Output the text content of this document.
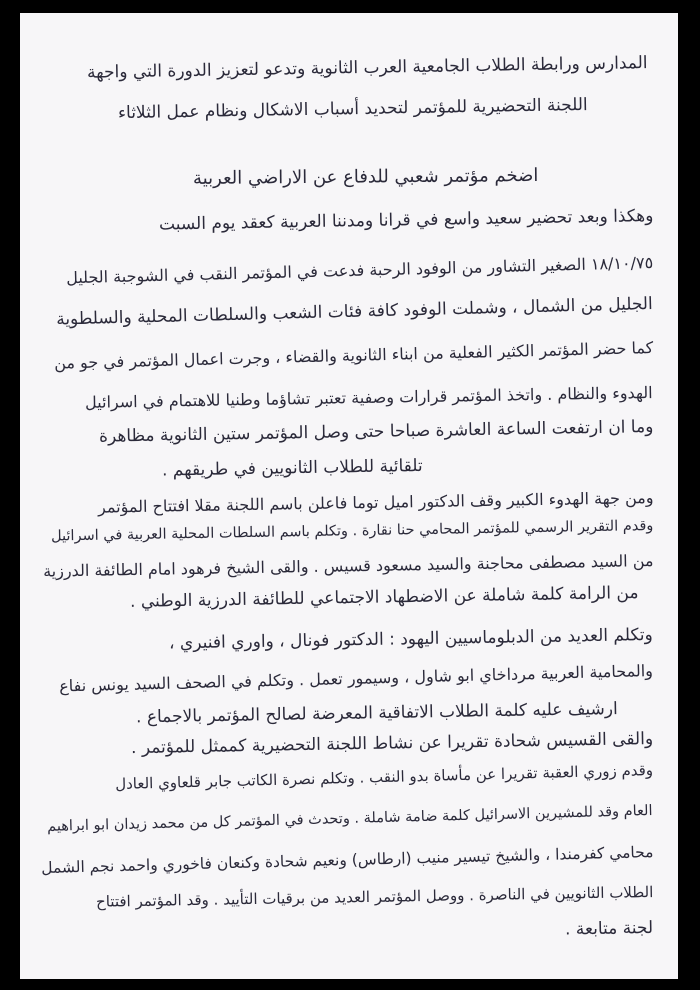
المدارس ورابطة الطلاب الجامعية العرب الثانوية وتدعو لتعزيز الدورة التي واجهة
اللجنة التحضيرية للمؤتمر لتحديد أسباب الاشكال ونظام عمل الثلاثاء
اضخم مؤتمر شعبي للدفاع عن الاراضي العربية
وهكذا وبعد تحضير سعيد واسع في قرانا ومدننا العربية كعقد يوم السبت
١٨/١٠/٧٥ الصغير التشاور من الوفود الرحبة فدعت في المؤتمر النقب في الشوجبة الجليل
الجليل من الشمال ، وشملت الوفود كافة فئات الشعب والسلطات المحلية والسلطوية
كما حضر المؤتمر الكثير الفعلية من ابناء الثانوية والقضاء ، وجرت اعمال المؤتمر في جو من
الهدوء والنظام . واتخذ المؤتمر قرارات وصفية تعتبر تشاؤما وطنيا للاهتمام في اسرائيل
وما ان ارتفعت الساعة العاشرة صباحا حتى وصل المؤتمر ستين الثانوية مظاهرة
تلقائية للطلاب الثانويين في طريقهم .
ومن جهة الهدوء الكبير وقف الدكتور اميل توما فاعلن باسم اللجنة مقلا افتتاح المؤتمر
وقدم التقرير الرسمي للمؤتمر المحامي حنا نقارة . وتكلم باسم السلطات المحلية العربية في اسرائيل
من السيد مصطفى محاجنة والسيد مسعود قسيس . والقى الشيخ فرهود امام الطائفة الدرزية
من الرامة كلمة شاملة عن الاضطهاد الاجتماعي للطائفة الدرزية الوطني .
وتكلم العديد من الدبلوماسيين اليهود : الدكتور فونال ، واوري افنيري ،
والمحامية العربية مرداخاي ابو شاول ، وسيمور تعمل . وتكلم في الصحف السيد يونس نفاع
ارشيف عليه كلمة الطلاب الاتفاقية المعرضة لصالح المؤتمر بالاجماع .
والقى القسيس شحادة تقريرا عن نشاط اللجنة التحضيرية كممثل للمؤتمر .
وقدم زوري العقبة تقريرا عن مأساة بدو النقب . وتكلم نصرة الكاتب جابر قلعاوي العادل
العام وقد للمشيرين الاسرائيل كلمة ضامة شاملة . وتحدث في المؤتمر كل من محمد زيدان ابو ابراهيم
محامي كفرمندا ، والشيخ تيسير منيب (ارطاس) ونعيم شحادة وكنعان فاخوري واحمد نجم الشمل
الطلاب الثانويين في الناصرة . ووصل المؤتمر العديد من برقيات التأييد . وقد المؤتمر افتتاح
لجنة متابعة .
